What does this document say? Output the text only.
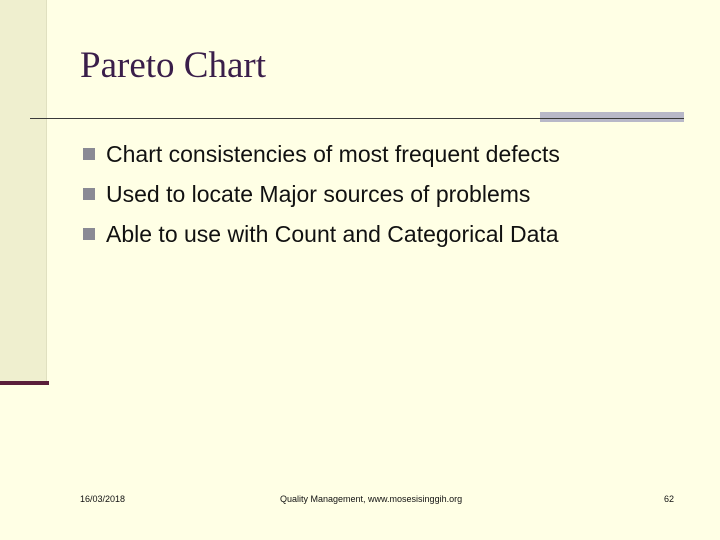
Pareto Chart
Chart consistencies of most frequent defects
Used to locate Major sources of problems
Able to use with Count and Categorical Data
16/03/2018	Quality Management, www.mosesisinggih.org	62
